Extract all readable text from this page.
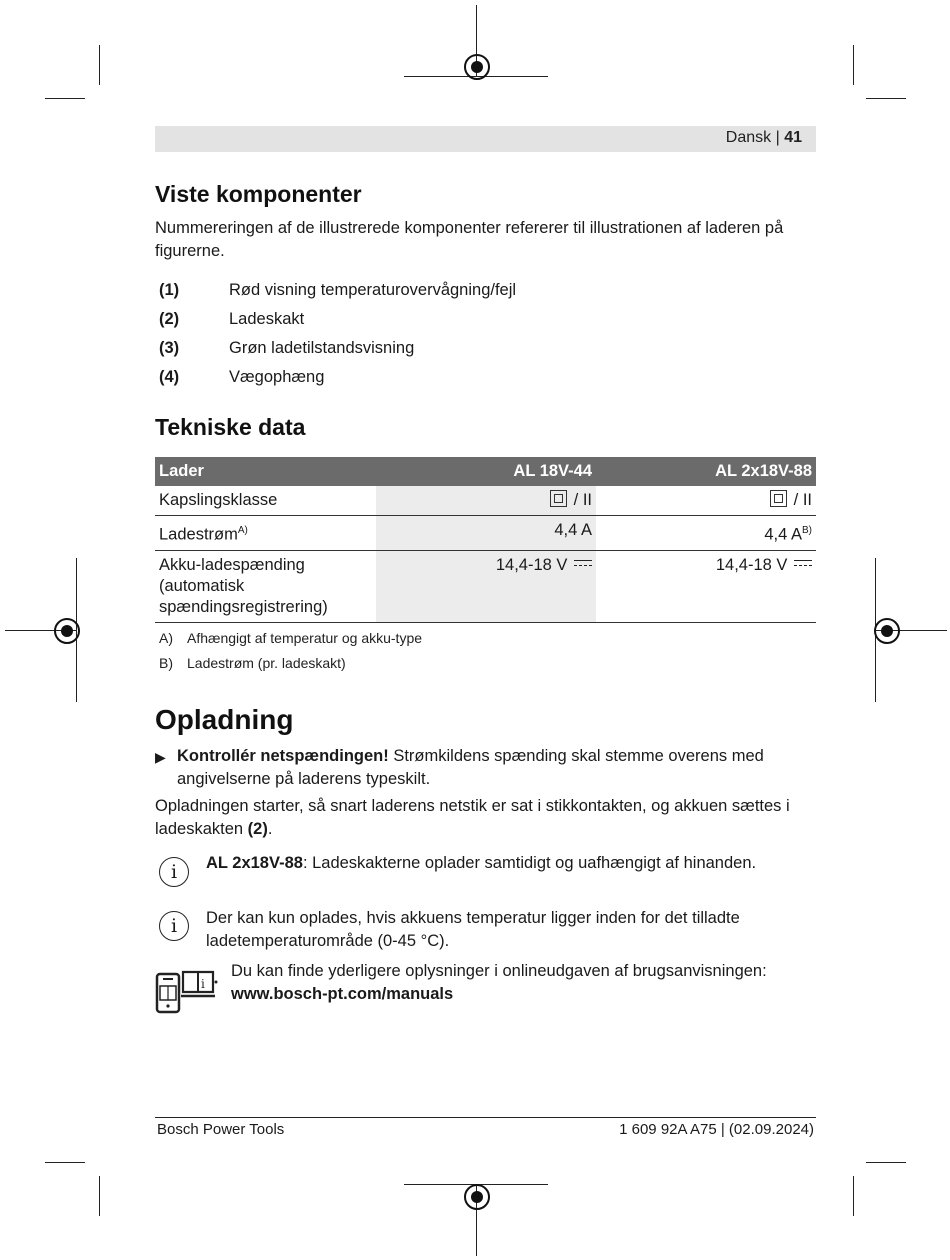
Dansk | 41
Viste komponenter

Nummereringen af de illustrerede komponenter refererer til illustrationen af laderen på figurerne.

(1)	Rød visning temperaturovervågning/fejl
(2)	Ladeskakt
(3)	Grøn ladetilstandsvisning
(4)	Vægophæng
Tekniske data
Lader	AL 18V-44	AL 2x18V-88
Kapslingsklasse	/ II	/ II
Ladestrøm$^{A)}$	4,4 A	4,4 $A^{B)}$
Akku-ladespænding (automatisk spændingsregistrering)	14,4-18 V	14,4-18 V
A) Afhængigt af temperatur og akku-type
B) Ladestrøm (pr. ladeskakt)
Opladning
▶ Kontrollér netspændingen! Strømkildens spænding skal stemme overens med angivelserne på laderens typeskilt.

Opladningen starter, så snart laderens netstik er sat i stikkontakten, og akkuen sættes i ladeskakten (2).

i	AL 2x18V-88: Ladeskakterne oplader samtidigt og uafhængigt af hinanden.
i	Der kan kun oplades, hvis akkuens temperatur ligger inden for det tilladte ladetemperaturområde (0-45 °C).
i
Du kan finde yderligere oplysninger i onlineudgaven af brugsanvisningen:
www.bosch-pt.com/manuals
Bosch Power Tools	1 609 92A A75 | (02.09.2024)
